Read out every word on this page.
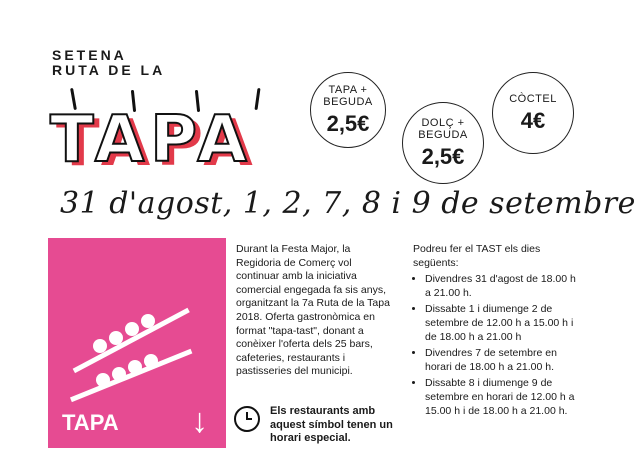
SETENA
RUTA DE LA
TAPA
TAPA +
BEGUDA
2,5€	DOLÇ +
BEGUDA
2,5€
CÒCTEL
4€
31 d'agost, 1, 2, 7, 8 i 9 de setembre
TAPA ↓
Durant la Festa Major, la Regidoria de Comerç vol continuar amb la iniciativa comercial engegada fa sis anys, organitzant la 7a Ruta de la Tapa 2018. Oferta gastronòmica en format "tapa-tast", donant a conèixer l'oferta dels 25 bars, cafeteries, restaurants i pastisseries del municipi.
Els restaurants amb aquest símbol tenen un horari especial.
Podreu fer el TAST els dies següents:
• Divendres 31 d'agost de 18.00 h a 21.00 h.
• Dissabte 1 i diumenge 2 de setembre de 12.00 h a 15.00 h i de 18.00 h a 21.00 h
• Divendres 7 de setembre en horari de 18.00 h a 21.00 h.
• Dissabte 8 i diumenge 9 de setembre en horari de 12.00 h a 15.00 h i de 18.00 h a 21.00 h.
